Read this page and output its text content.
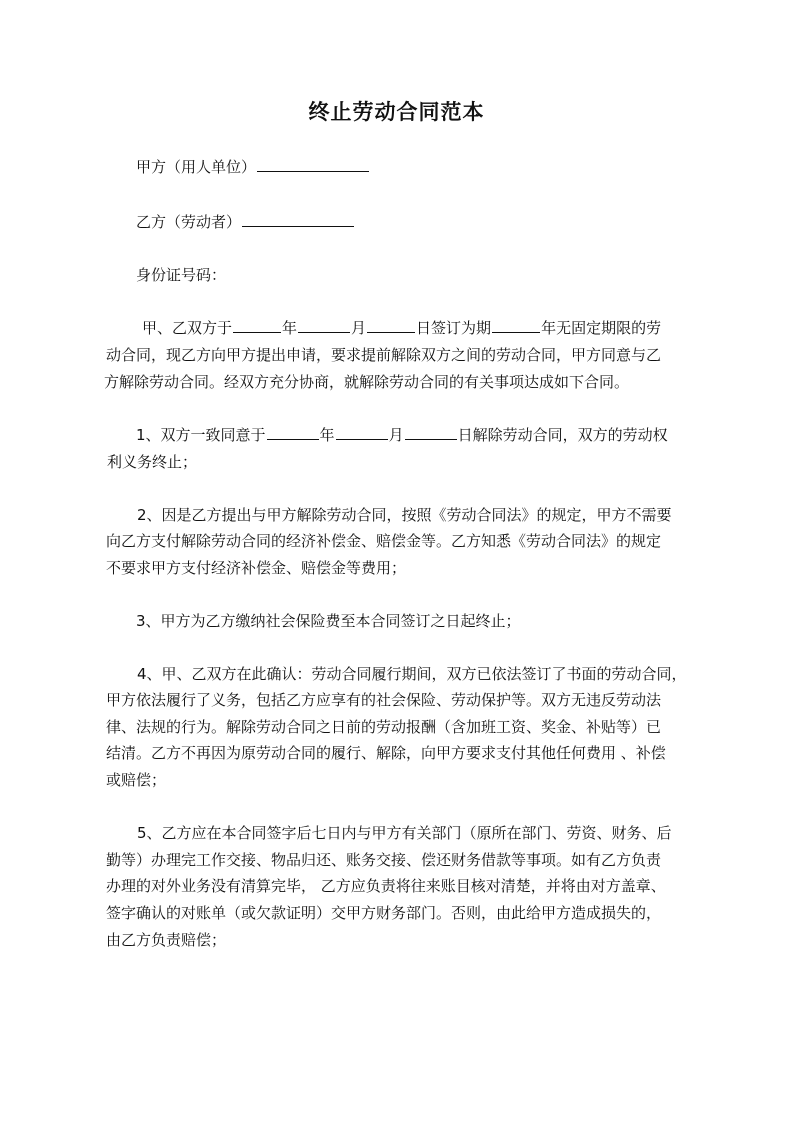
终止劳动合同范本

甲方（用人单位）

乙方（劳动者）

身份证号码：

甲、乙双方于	年	月	日签订为期	年无固定期限的劳

动合同，现乙方向甲方提出申请，要求提前解除双方之间的劳动合同，甲方同意与乙

方解除劳动合同。经双方充分协商，就解除劳动合同的有关事项达成如下合同。

1、双方一致同意于	年	月	日解除劳动合同，双方的劳动权

利义务终止；

2、因是乙方提出与甲方解除劳动合同，按照《劳动合同法》的规定，甲方不需要

向乙方支付解除劳动合同的经济补偿金、赔偿金等。乙方知悉《劳动合同法》的规定

不要求甲方支付经济补偿金、赔偿金等费用；

3、甲方为乙方缴纳社会保险费至本合同签订之日起终止；

4、甲、乙双方在此确认：劳动合同履行期间，双方已依法签订了书面的劳动合同，

甲方依法履行了义务，包括乙方应享有的社会保险、劳动保护等。双方无违反劳动法

律、法规的行为。解除劳动合同之日前的劳动报酬（含加班工资、奖金、补贴等）已

结清。乙方不再因为原劳动合同的履行、解除，向甲方要求支付其他任何费用 、补偿

或赔偿；

5、乙方应在本合同签字后七日内与甲方有关部门（原所在部门、劳资、财务、后

勤等）办理完工作交接、物品归还、账务交接、偿还财务借款等事项。如有乙方负责

办理的对外业务没有清算完毕， 乙方应负责将往来账目核对清楚，并将由对方盖章、

签字确认的对账单（或欠款证明）交甲方财务部门。否则，由此给甲方造成损失的，

由乙方负责赔偿；
